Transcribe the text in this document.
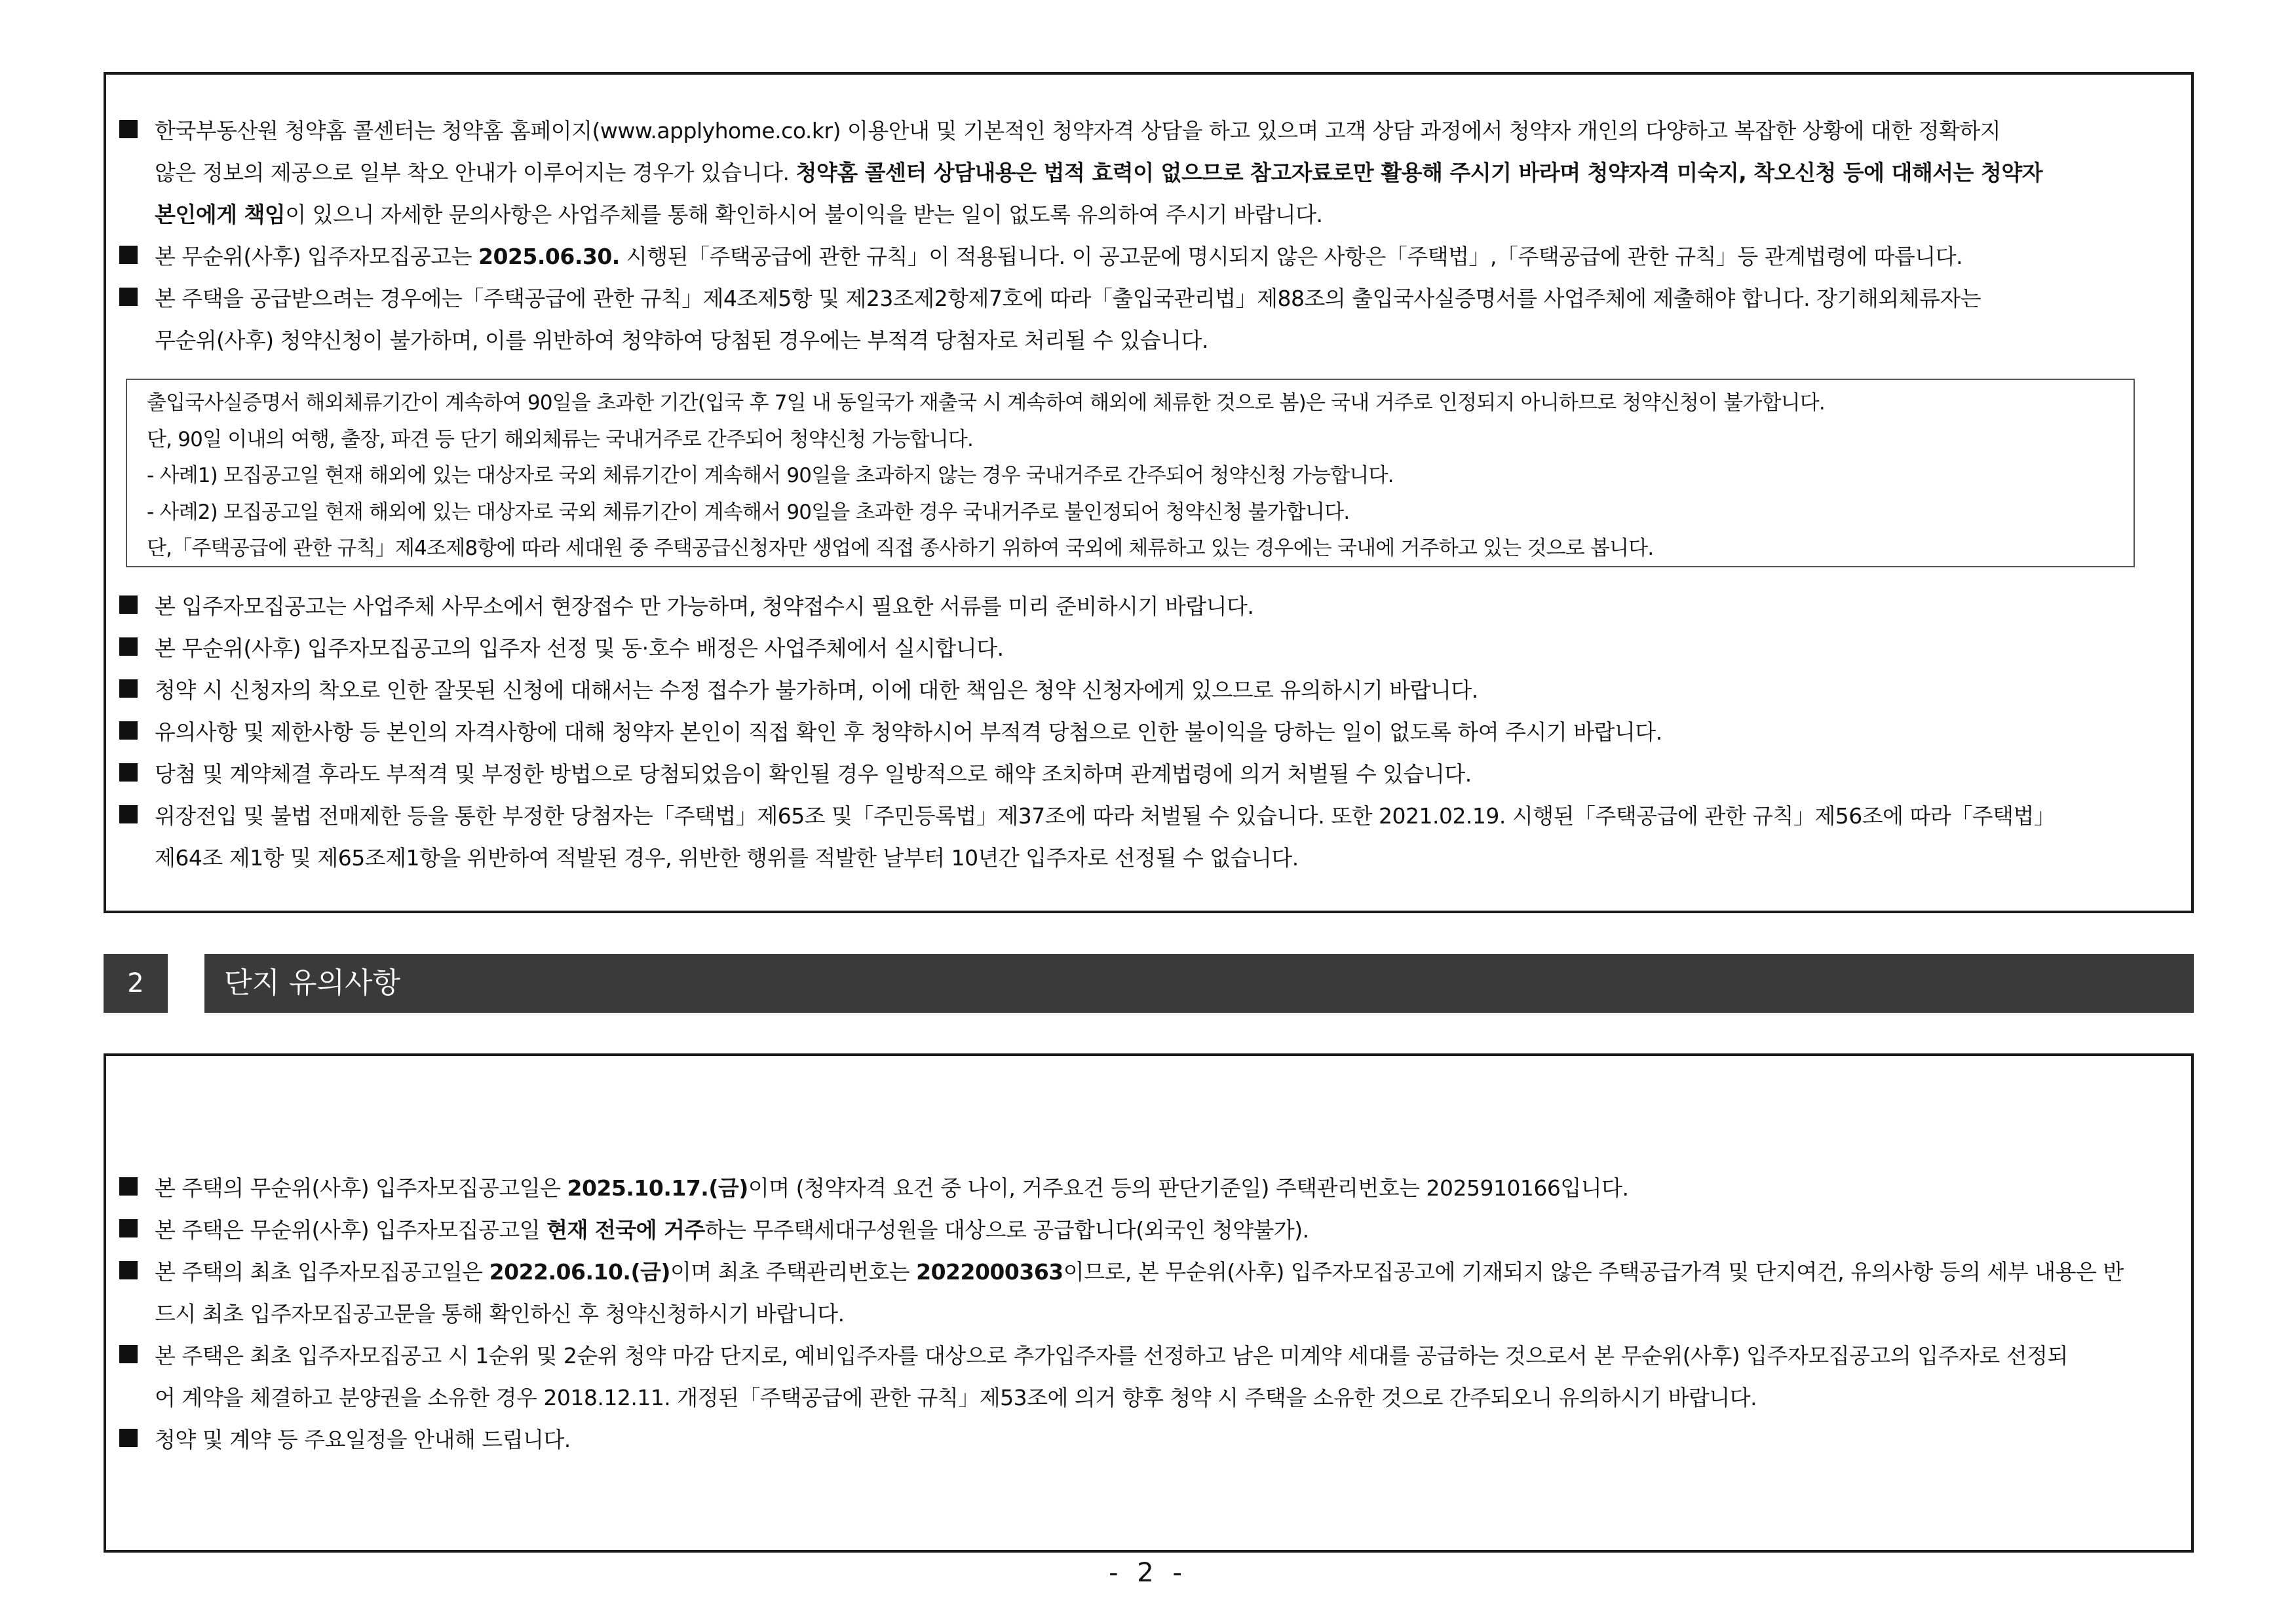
한국부동산원 청약홈 콜센터는 청약홈 홈페이지(www.applyhome.co.kr) 이용안내 및 기본적인 청약자격 상담을 하고 있으며 고객 상담 과정에서 청약자 개인의 다양하고 복잡한 상황에 대한 정확하지
않은 정보의 제공으로 일부 착오 안내가 이루어지는 경우가 있습니다. 청약홈 콜센터 상담내용은 법적 효력이 없으므로 참고자료로만 활용해 주시기 바라며 청약자격 미숙지, 착오신청 등에 대해서는 청약자
본인에게 책임이 있으니 자세한 문의사항은 사업주체를 통해 확인하시어 불이익을 받는 일이 없도록 유의하여 주시기 바랍니다.
본 무순위(사후) 입주자모집공고는 2025.06.30. 시행된「주택공급에 관한 규칙」이 적용됩니다. 이 공고문에 명시되지 않은 사항은「주택법」,「주택공급에 관한 규칙」등 관계법령에 따릅니다.
본 주택을 공급받으려는 경우에는「주택공급에 관한 규칙」제4조제5항 및 제23조제2항제7호에 따라「출입국관리법」제88조의 출입국사실증명서를 사업주체에 제출해야 합니다. 장기해외체류자는
무순위(사후) 청약신청이 불가하며, 이를 위반하여 청약하여 당첨된 경우에는 부적격 당첨자로 처리될 수 있습니다.
출입국사실증명서 해외체류기간이 계속하여 90일을 초과한 기간(입국 후 7일 내 동일국가 재출국 시 계속하여 해외에 체류한 것으로 봄)은 국내 거주로 인정되지 아니하므로 청약신청이 불가합니다.
단, 90일 이내의 여행, 출장, 파견 등 단기 해외체류는 국내거주로 간주되어 청약신청 가능합니다.
- 사례1) 모집공고일 현재 해외에 있는 대상자로 국외 체류기간이 계속해서 90일을 초과하지 않는 경우 국내거주로 간주되어 청약신청 가능합니다.
- 사례2) 모집공고일 현재 해외에 있는 대상자로 국외 체류기간이 계속해서 90일을 초과한 경우 국내거주로 불인정되어 청약신청 불가합니다.
단,「주택공급에 관한 규칙」제4조제8항에 따라 세대원 중 주택공급신청자만 생업에 직접 종사하기 위하여 국외에 체류하고 있는 경우에는 국내에 거주하고 있는 것으로 봅니다.
본 입주자모집공고는 사업주체 사무소에서 현장접수 만 가능하며, 청약접수시 필요한 서류를 미리 준비하시기 바랍니다.
본 무순위(사후) 입주자모집공고의 입주자 선정 및 동·호수 배정은 사업주체에서 실시합니다.
청약 시 신청자의 착오로 인한 잘못된 신청에 대해서는 수정 접수가 불가하며, 이에 대한 책임은 청약 신청자에게 있으므로 유의하시기 바랍니다.
유의사항 및 제한사항 등 본인의 자격사항에 대해 청약자 본인이 직접 확인 후 청약하시어 부적격 당첨으로 인한 불이익을 당하는 일이 없도록 하여 주시기 바랍니다.
당첨 및 계약체결 후라도 부적격 및 부정한 방법으로 당첨되었음이 확인될 경우 일방적으로 해약 조치하며 관계법령에 의거 처벌될 수 있습니다.
위장전입 및 불법 전매제한 등을 통한 부정한 당첨자는「주택법」제65조 및「주민등록법」제37조에 따라 처벌될 수 있습니다. 또한 2021.02.19. 시행된「주택공급에 관한 규칙」제56조에 따라「주택법」
제64조 제1항 및 제65조제1항을 위반하여 적발된 경우, 위반한 행위를 적발한 날부터 10년간 입주자로 선정될 수 없습니다.
2	단지 유의사항
본 주택의 무순위(사후) 입주자모집공고일은 2025.10.17.(금)이며 (청약자격 요건 중 나이, 거주요건 등의 판단기준일) 주택관리번호는 2025910166입니다.
본 주택은 무순위(사후) 입주자모집공고일 현재 전국에 거주하는 무주택세대구성원을 대상으로 공급합니다(외국인 청약불가).
본 주택의 최초 입주자모집공고일은 2022.06.10.(금)이며 최초 주택관리번호는 2022000363이므로, 본 무순위(사후) 입주자모집공고에 기재되지 않은 주택공급가격 및 단지여건, 유의사항 등의 세부 내용은 반
드시 최초 입주자모집공고문을 통해 확인하신 후 청약신청하시기 바랍니다.
본 주택은 최초 입주자모집공고 시 1순위 및 2순위 청약 마감 단지로, 예비입주자를 대상으로 추가입주자를 선정하고 남은 미계약 세대를 공급하는 것으로서 본 무순위(사후) 입주자모집공고의 입주자로 선정되
어 계약을 체결하고 분양권을 소유한 경우 2018.12.11. 개정된「주택공급에 관한 규칙」제53조에 의거 향후 청약 시 주택을 소유한 것으로 간주되오니 유의하시기 바랍니다.
청약 및 계약 등 주요일정을 안내해 드립니다.
- 2 -
